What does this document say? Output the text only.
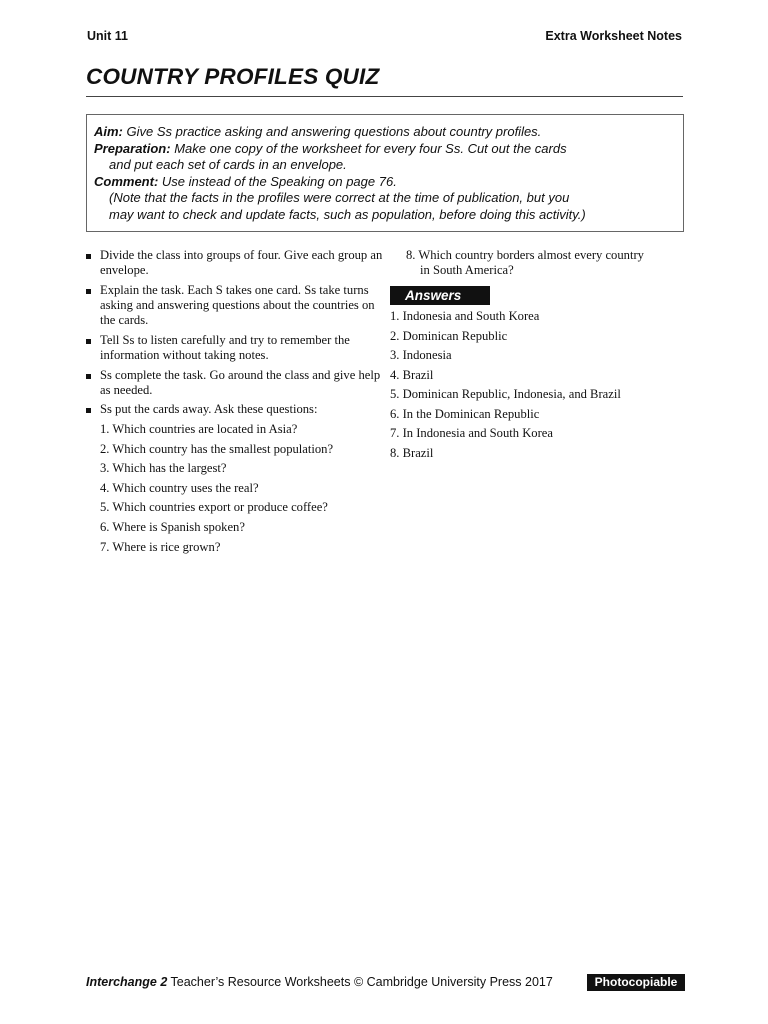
Unit 11	Extra Worksheet Notes
COUNTRY PROFILES QUIZ
Aim: Give Ss practice asking and answering questions about country profiles.
Preparation: Make one copy of the worksheet for every four Ss. Cut out the cards
and put each set of cards in an envelope.
Comment: Use instead of the Speaking on page 76.
(Note that the facts in the profiles were correct at the time of publication, but you
may want to check and update facts, such as population, before doing this activity.)
Divide the class into groups of four. Give each group an envelope.
Explain the task. Each S takes one card. Ss take turns asking and answering questions about the countries on the cards.
Tell Ss to listen carefully and try to remember the information without taking notes.
Ss complete the task. Go around the class and give help as needed.
Ss put the cards away. Ask these questions:
1. Which countries are located in Asia?
2. Which country has the smallest population?
3. Which has the largest?
4. Which country uses the real?
5. Which countries export or produce coffee?
6. Where is Spanish spoken?
7. Where is rice grown?
8. Which country borders almost every country
in South America?
Answers
1. Indonesia and South Korea
2. Dominican Republic
3. Indonesia
4. Brazil
5. Dominican Republic, Indonesia, and Brazil
6. In the Dominican Republic
7. In Indonesia and South Korea
8. Brazil
Interchange 2 Teacher’s Resource Worksheets © Cambridge University Press 2017	Photocopiable
